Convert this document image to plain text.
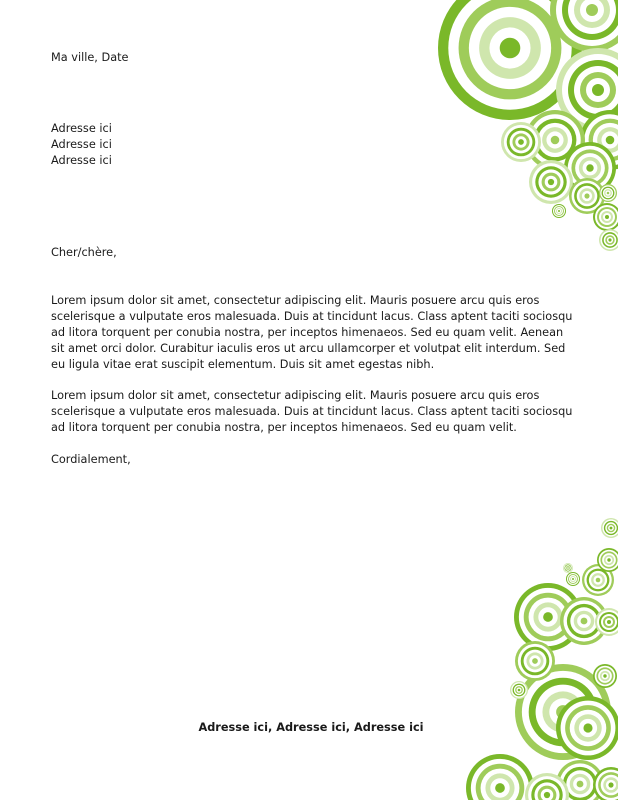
Ma ville, Date
Adresse ici
Adresse ici
Adresse ici
Cher/chère,
Lorem ipsum dolor sit amet, consectetur adipiscing elit. Mauris posuere arcu quis eros scelerisque a vulputate eros malesuada. Duis at tincidunt lacus. Class aptent taciti sociosqu ad litora torquent per conubia nostra, per inceptos himenaeos. Sed eu quam velit. Aenean sit amet orci dolor. Curabitur iaculis eros ut arcu ullamcorper et volutpat elit interdum. Sed eu ligula vitae erat suscipit elementum. Duis sit amet egestas nibh.
Lorem ipsum dolor sit amet, consectetur adipiscing elit. Mauris posuere arcu quis eros scelerisque a vulputate eros malesuada. Duis at tincidunt lacus. Class aptent taciti sociosqu ad litora torquent per conubia nostra, per inceptos himenaeos. Sed eu quam velit.
Cordialement,
Adresse ici, Adresse ici, Adresse ici
